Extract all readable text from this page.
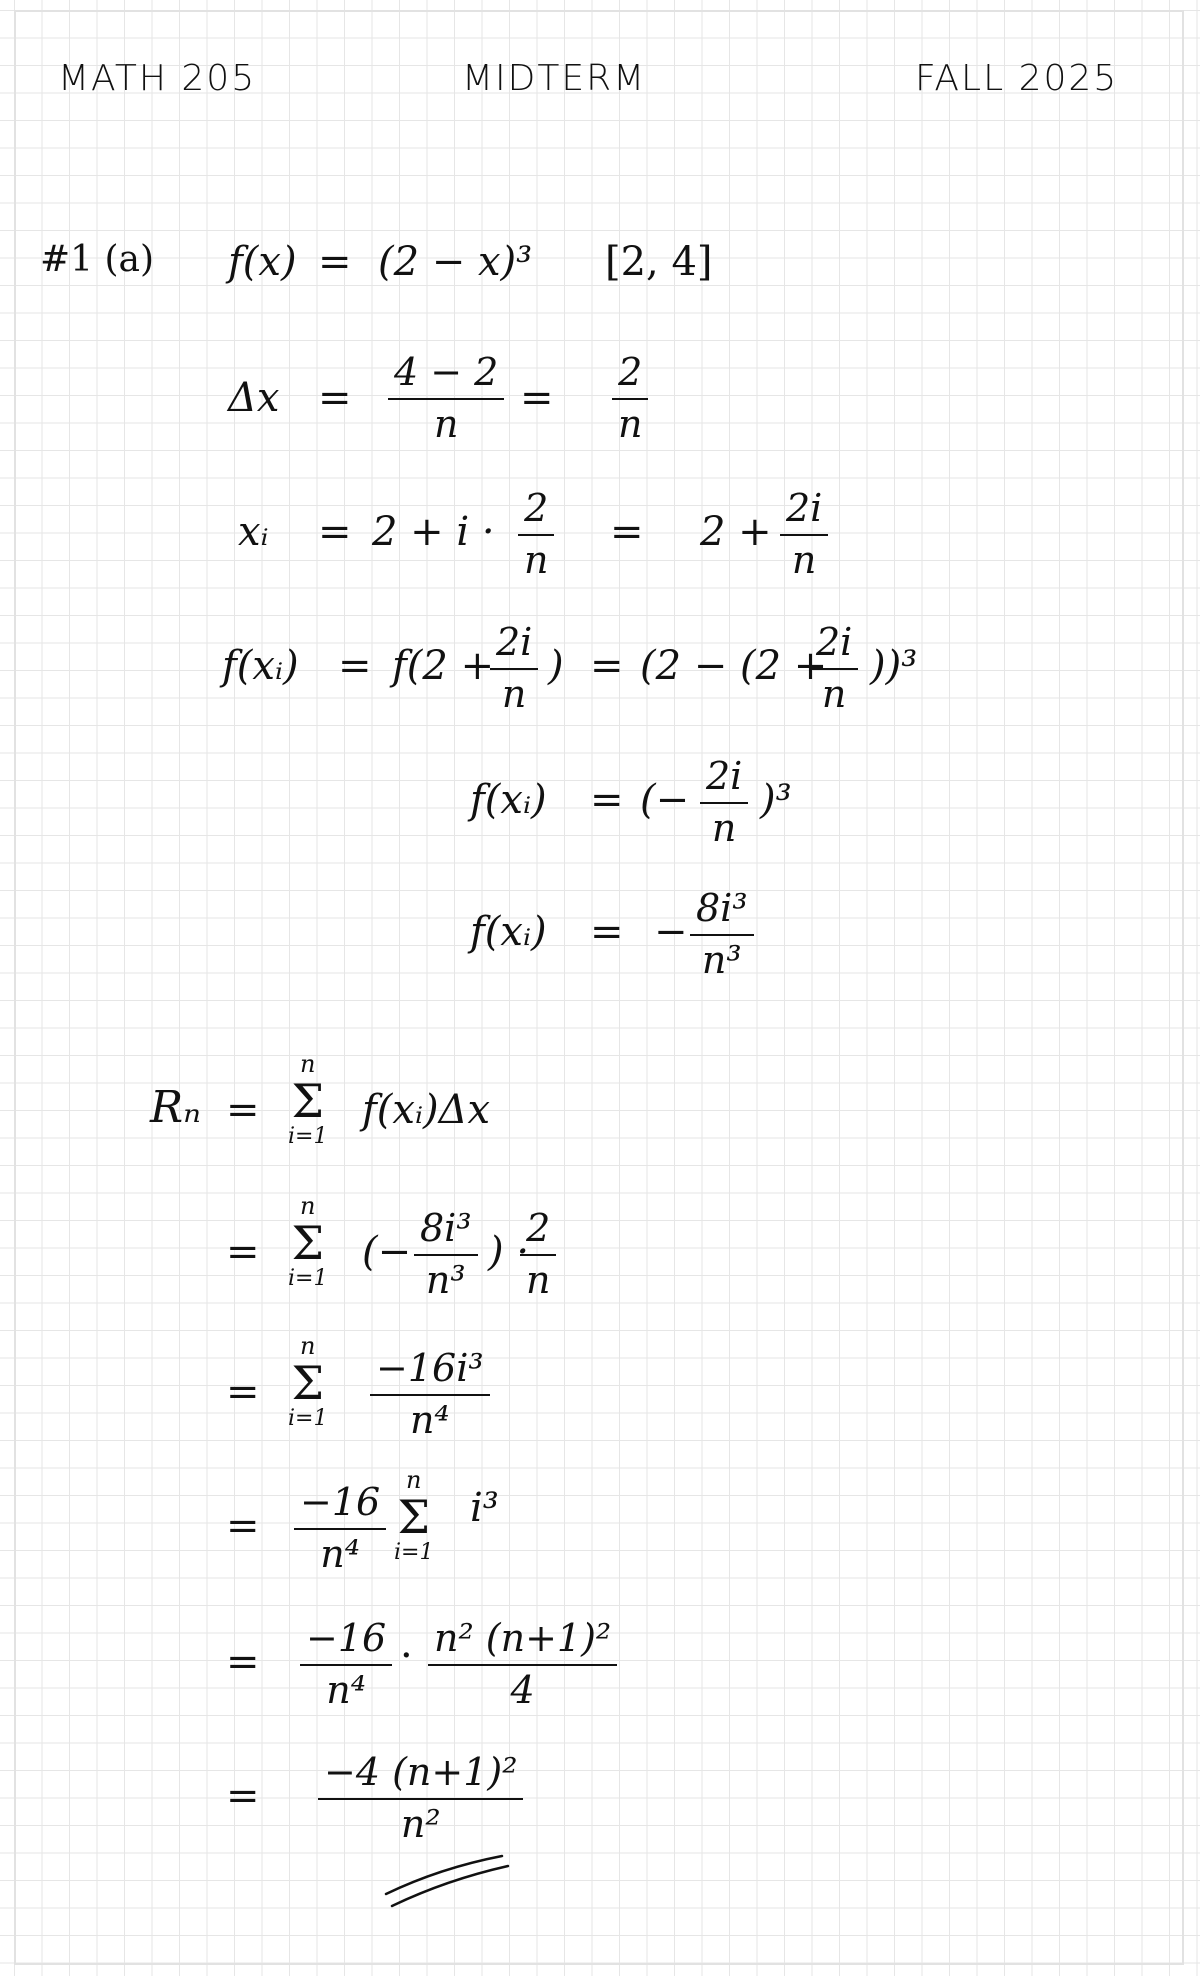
MATH 205	MIDTERM	FALL 2025
#1 (a) f(x) = (2 − x)³ [2, 4]
$\Delta x = \frac{4 - 2}{n} = \frac{2}{n}$
xᵢ = $2 + i \cdot \frac{2}{n} = 2 + \frac{2i}{n}$
f(xᵢ) = f(2 +
$\frac{2i}{n}$ ) = (2 − (2 +
$\frac{2i}{n} ))^3$
f(xᵢ) = (− $\frac{2i}{n} )^3$
f(xᵢ) = − $\frac{\text{8i³}}{\text{n³}}$
Rₙ =
n
Σ
i=1
f(xᵢ)Δx
=
n
Σ
i=1
(− $\frac{\text{8i³}}{\text{n³}}$ ) ·
$\frac{2}{n}$
=
n
Σ
$i=1 \frac{\text{−16i³}}{\text{n⁴}}$
= $\frac{-16}{\text{n⁴}}$
n
Σ
i=1
i³
= $\frac{-16}{\text{n⁴}} \cdot \frac{\text{n² (n+1)²}}{4}$
= $\frac{\text{−4 (n+1)²}}{\text{n²}}$
